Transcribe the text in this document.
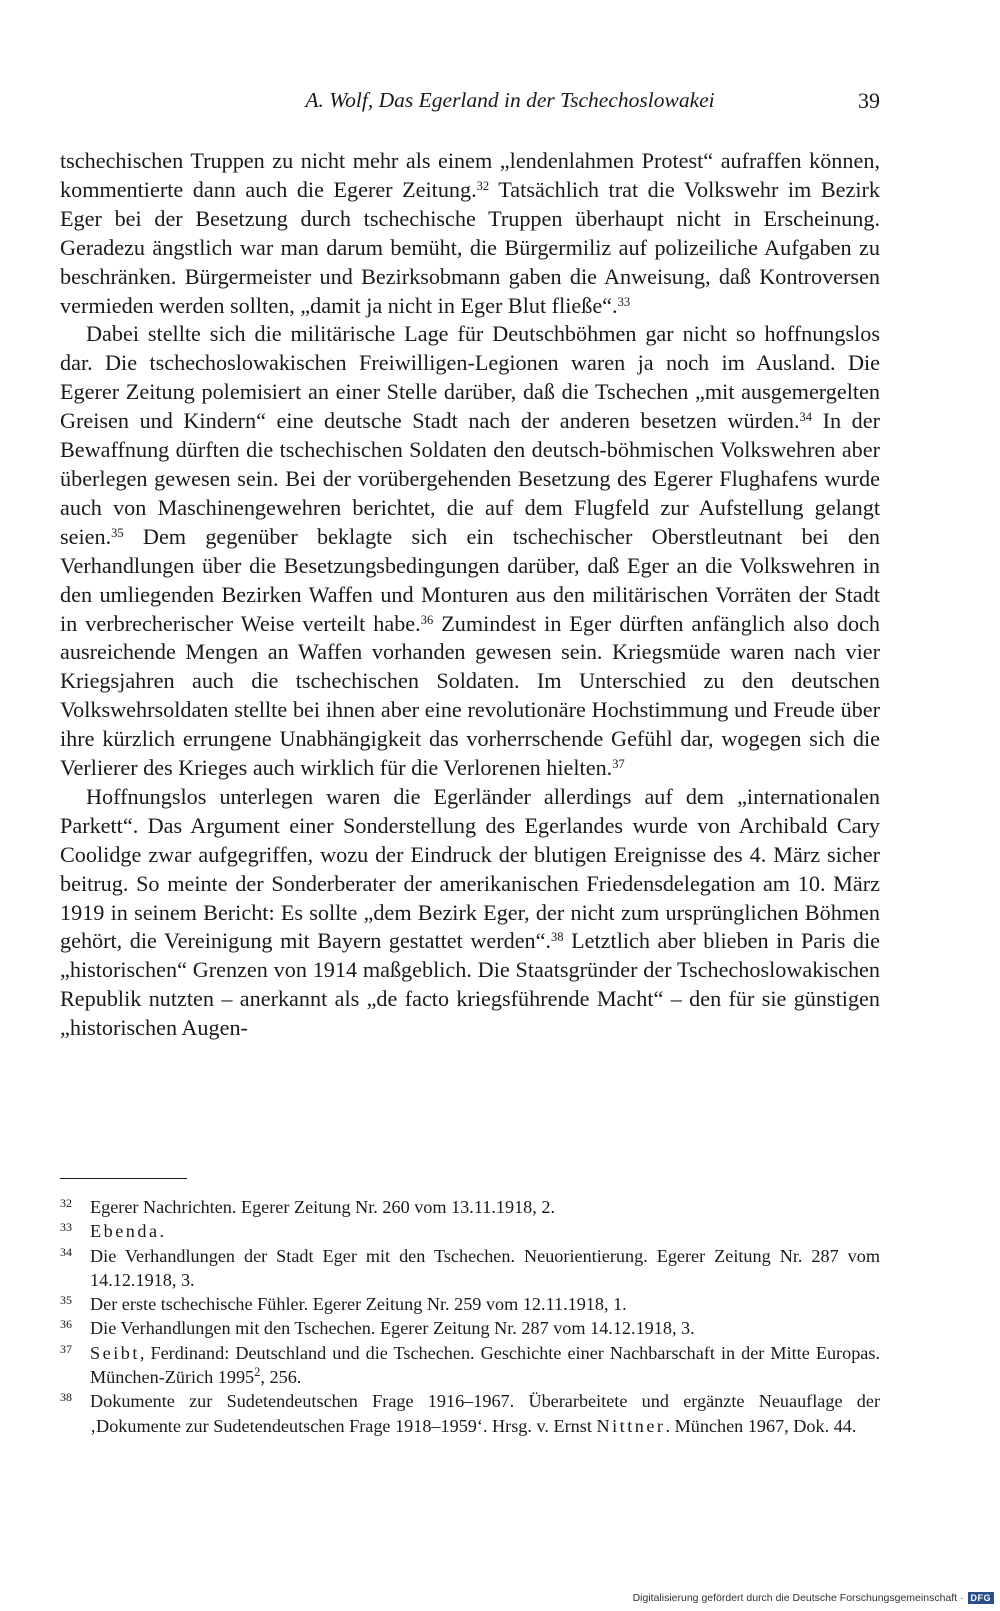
A. Wolf, Das Egerland in der Tschechoslowakei	39

tschechischen Truppen zu nicht mehr als einem „lendenlahmen Protest“ aufraffen können, kommentierte dann auch die Egerer Zeitung.$^{32}$ Tatsächlich trat die Volkswehr im Bezirk Eger bei der Besetzung durch tschechische Truppen überhaupt nicht in Erscheinung. Geradezu ängstlich war man darum bemüht, die Bürgermiliz auf polizeiliche Aufgaben zu beschränken. Bürgermeister und Bezirksobmann gaben die Anweisung, daß Kontroversen vermieden werden sollten, „damit ja nicht in Eger Blut fließe“.$^{33}$

Dabei stellte sich die militärische Lage für Deutschböhmen gar nicht so hoffnungslos dar. Die tschechoslowakischen Freiwilligen-Legionen waren ja noch im Ausland. Die Egerer Zeitung polemisiert an einer Stelle darüber, daß die Tschechen „mit ausgemergelten Greisen und Kindern“ eine deutsche Stadt nach der anderen besetzen würden.$^{34}$ In der Bewaffnung dürften die tschechischen Soldaten den deutsch-böhmischen Volkswehren aber überlegen gewesen sein. Bei der vorübergehenden Besetzung des Egerer Flughafens wurde auch von Maschinengewehren berichtet, die auf dem Flugfeld zur Aufstellung gelangt seien.$^{35}$ Dem gegenüber beklagte sich ein tschechischer Oberstleutnant bei den Verhandlungen über die Besetzungsbedingungen darüber, daß Eger an die Volkswehren in den umliegenden Bezirken Waffen und Monturen aus den militärischen Vorräten der Stadt in verbrecherischer Weise verteilt habe.$^{36}$ Zumindest in Eger dürften anfänglich also doch ausreichende Mengen an Waffen vorhanden gewesen sein. Kriegsmüde waren nach vier Kriegsjahren auch die tschechischen Soldaten. Im Unterschied zu den deutschen Volkswehrsoldaten stellte bei ihnen aber eine revolutionäre Hochstimmung und Freude über ihre kürzlich errungene Unabhängigkeit das vorherrschende Gefühl dar, wogegen sich die Verlierer des Krieges auch wirklich für die Verlorenen hielten.$^{37}$

Hoffnungslos unterlegen waren die Egerländer allerdings auf dem „internationalen Parkett“. Das Argument einer Sonderstellung des Egerlandes wurde von Archibald Cary Coolidge zwar aufgegriffen, wozu der Eindruck der blutigen Ereignisse des 4. März sicher beitrug. So meinte der Sonderberater der amerikanischen Friedensdelegation am 10. März 1919 in seinem Bericht: Es sollte „dem Bezirk Eger, der nicht zum ursprünglichen Böhmen gehört, die Vereinigung mit Bayern gestattet werden“.$^{38}$ Letztlich aber blieben in Paris die „historischen“ Grenzen von 1914 maßgeblich. Die Staatsgründer der Tschechoslowakischen Republik nutzten – anerkannt als „de facto kriegsführende Macht“ – den für sie günstigen „historischen Augen-

32 Egerer Nachrichten. Egerer Zeitung Nr. 260 vom 13.11.1918, 2.
33 Ebenda.
34 Die Verhandlungen der Stadt Eger mit den Tschechen. Neuorientierung. Egerer Zeitung Nr. 287 vom 14.12.1918, 3.
35 Der erste tschechische Fühler. Egerer Zeitung Nr. 259 vom 12.11.1918, 1.
36 Die Verhandlungen mit den Tschechen. Egerer Zeitung Nr. 287 vom 14.12.1918, 3.
37 Seibt, Ferdinand: Deutschland und die Tschechen. Geschichte einer Nachbarschaft in der Mitte Europas. München-Zürich 1995$^2$, 256.
38 Dokumente zur Sudetendeutschen Frage 1916–1967. Überarbeitete und ergänzte Neuauflage der ‚Dokumente zur Sudetendeutschen Frage 1918–1959‘. Hrsg. v. Ernst Nittner. München 1967, Dok. 44.
Digitalisierung gefördert durch die Deutsche Forschungsgemeinschaft · DFG
